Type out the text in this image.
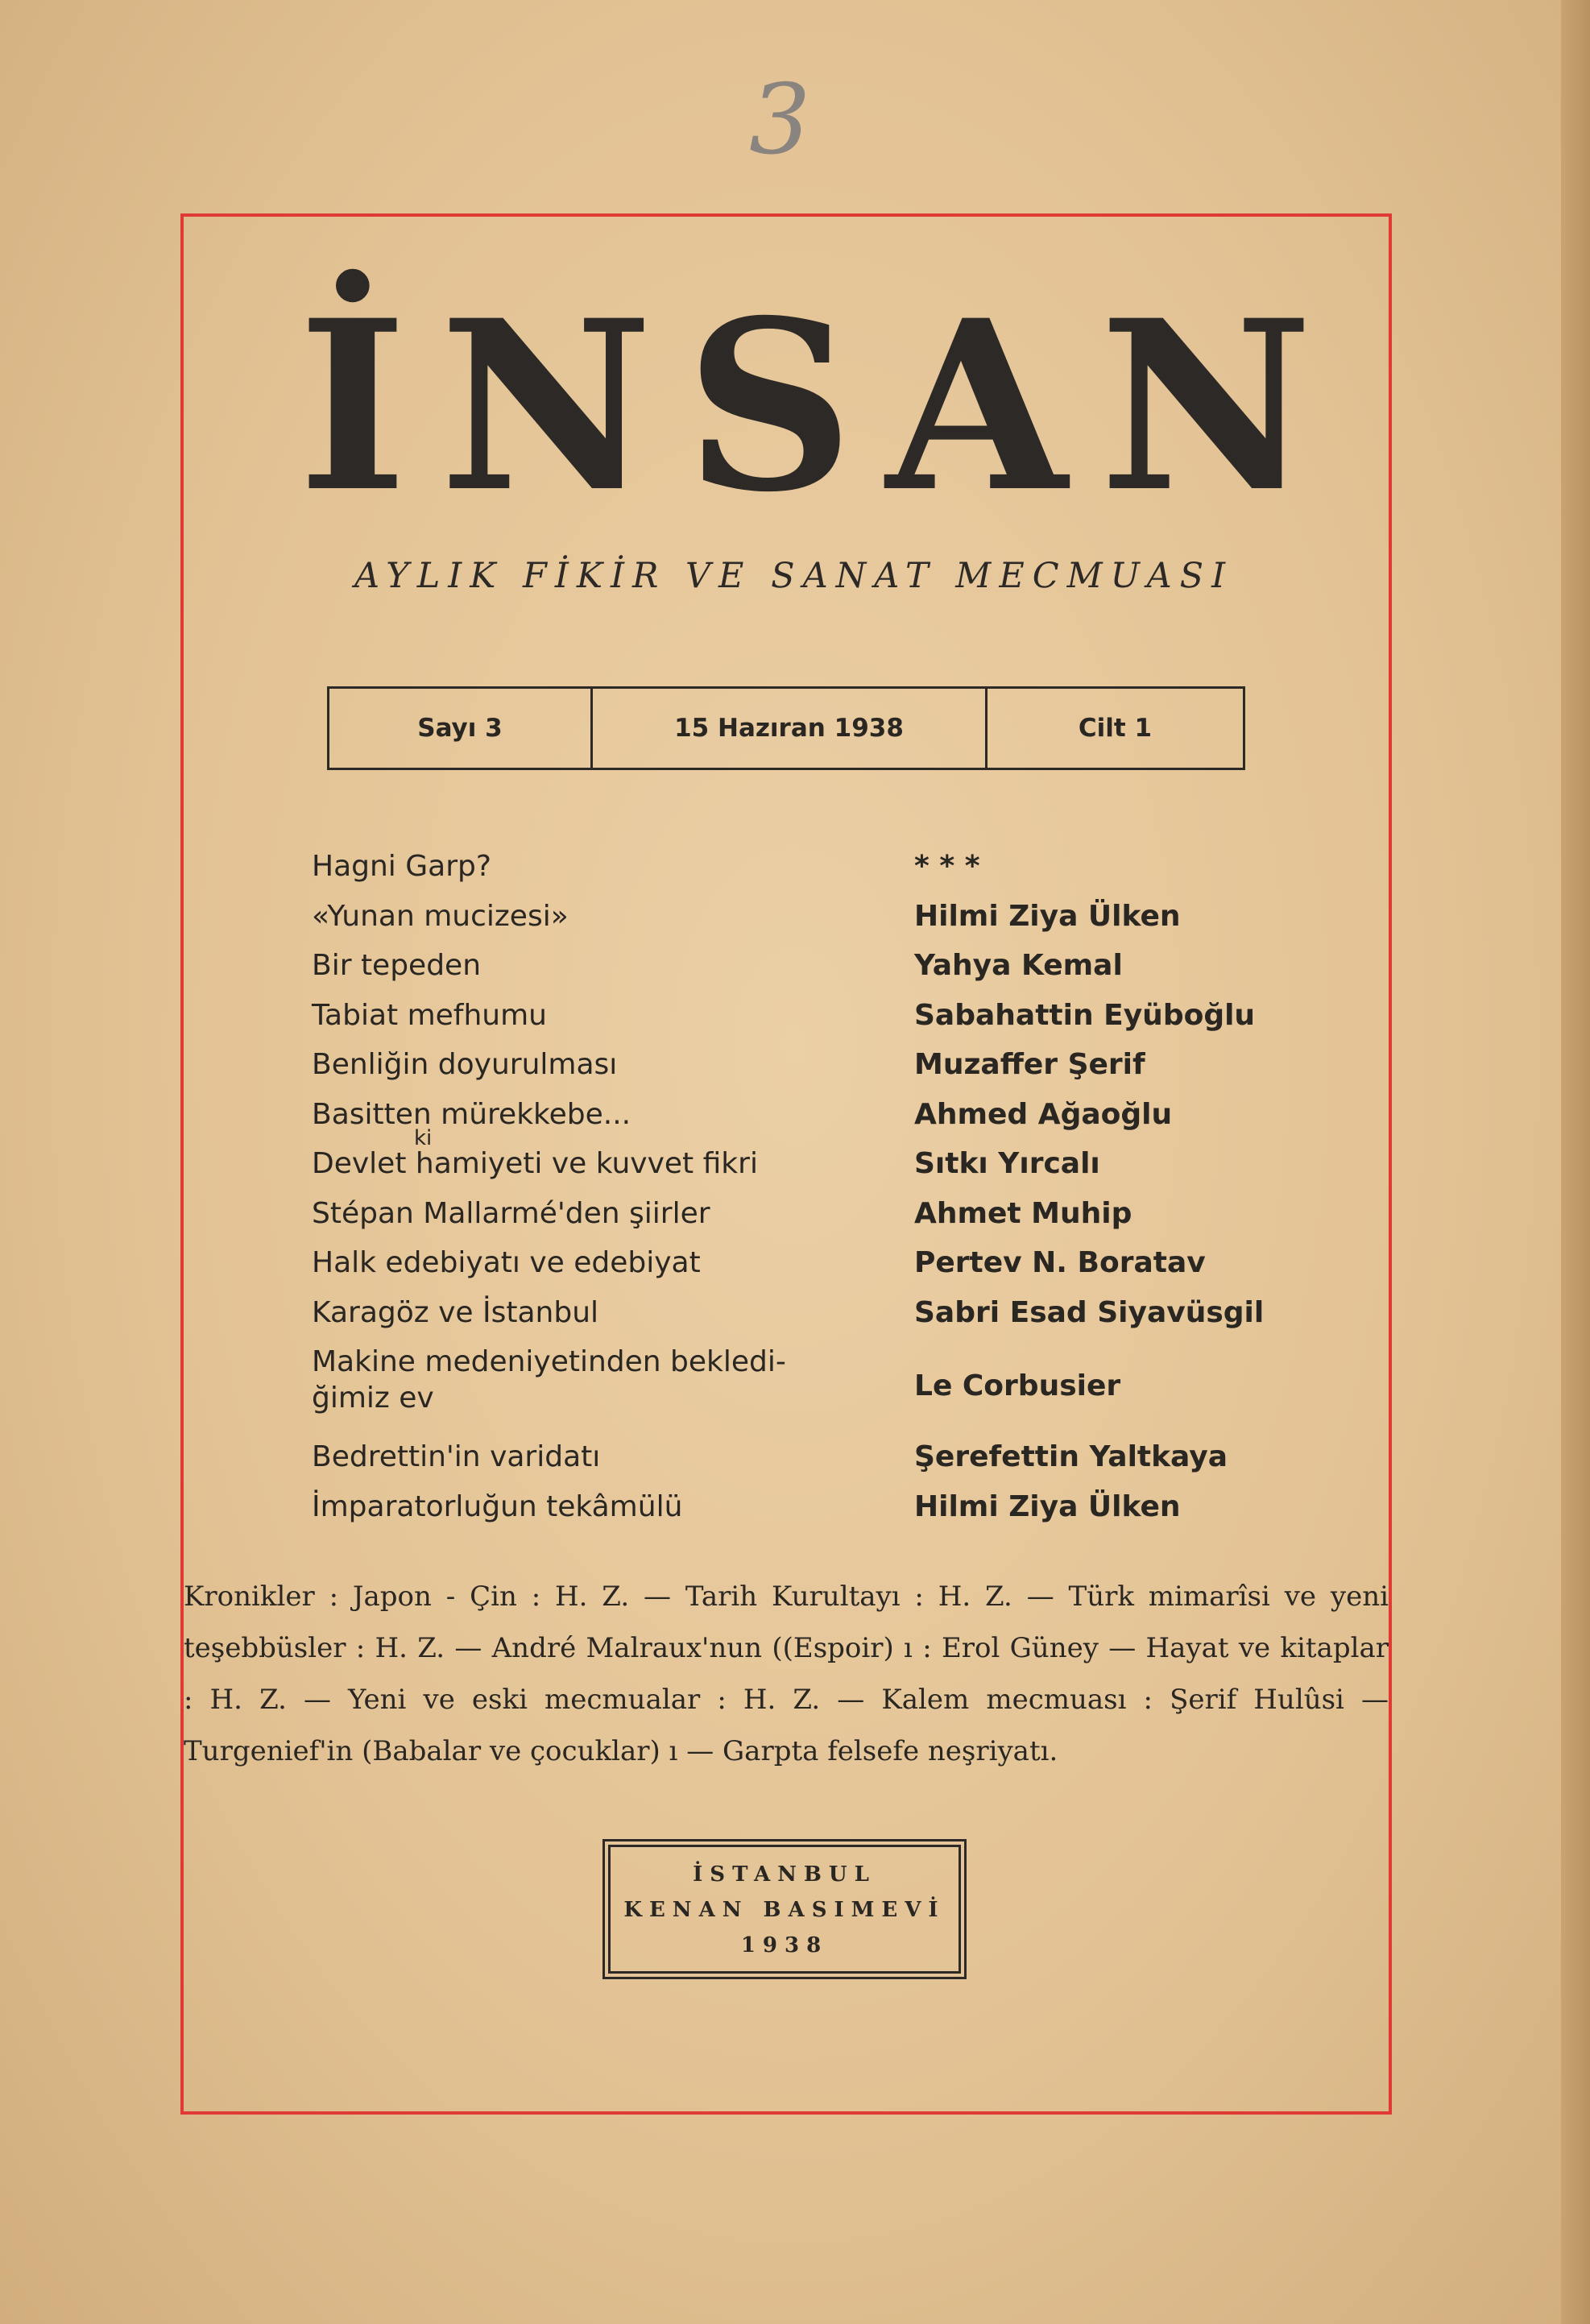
3
İ N S A N
AYLIK FİKİR VE SANAT MECMUASI
Sayı 3	15 Hazıran 1938	Cilt 1
Hagni Garp?	* * *
«Yunan mucizesi»	Hilmi Ziya Ülken
Bir tepeden	Yahya Kemal
Tabiat mefhumu	Sabahattin Eyüboğlu
Benliğin doyurulması	Muzaffer Şerif
Basitten mürekkebe...	Ahmed Ağaoğlu
ki
Devlet hamiyeti ve kuvvet fikri	Sıtkı Yırcalı
Stépan Mallarmé'den şiirler	Ahmet Muhip
Halk edebiyatı ve edebiyat	Pertev N. Boratav
Karagöz ve İstanbul	Sabri Esad Siyavüsgil
Makine medeniyetinden bekledi-
ğimiz ev	Le Corbusier
Bedrettin'in varidatı	Şerefettin Yaltkaya
İmparatorluğun tekâmülü	Hilmi Ziya Ülken
Kronikler : Japon - Çin : H. Z. — Tarih Kurultayı : H. Z. — Türk mimarîsi ve yeni teşebbüsler : H. Z. — André Malraux'nun ((Espoir) ı : Erol Güney — Hayat ve kitaplar : H. Z. — Yeni ve eski mecmualar : H. Z. — Kalem mecmuası : Şerif Hulûsi — Turgenief'in (Babalar ve çocuklar) ı — Garpta felsefe neşriyatı.
İSTANBUL
KENAN BASIMEVİ
1938
